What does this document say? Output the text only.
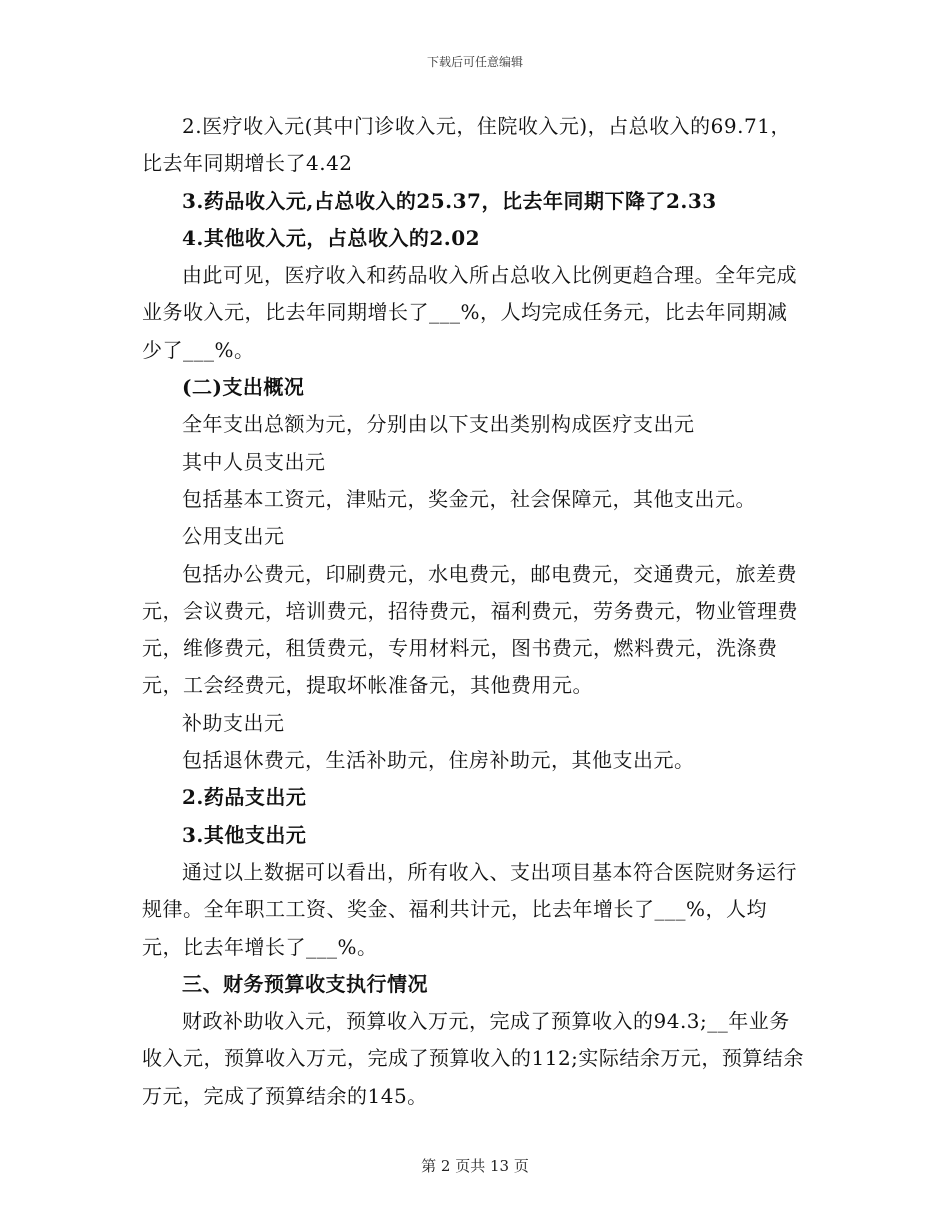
下载后可任意编辑

2.医疗收入元(其中门诊收入元，住院收入元)，占总收入的69.71，比去年同期增长了4.42

3.药品收入元,占总收入的25.37，比去年同期下降了2.33

4.其他收入元，占总收入的2.02

由此可见，医疗收入和药品收入所占总收入比例更趋合理。全年完成业务收入元，比去年同期增长了___%，人均完成任务元，比去年同期减少了___%。

(二)支出概况

全年支出总额为元，分别由以下支出类别构成医疗支出元

其中人员支出元

包括基本工资元，津贴元，奖金元，社会保障元，其他支出元。

公用支出元

包括办公费元，印刷费元，水电费元，邮电费元，交通费元，旅差费元，会议费元，培训费元，招待费元，福利费元，劳务费元，物业管理费元，维修费元，租赁费元，专用材料元，图书费元，燃料费元，洗涤费元，工会经费元，提取坏帐准备元，其他费用元。

补助支出元

包括退休费元，生活补助元，住房补助元，其他支出元。

2.药品支出元

3.其他支出元

通过以上数据可以看出，所有收入、支出项目基本符合医院财务运行规律。全年职工工资、奖金、福利共计元，比去年增长了___%，人均元，比去年增长了___%。

三、财务预算收支执行情况

财政补助收入元，预算收入万元，完成了预算收入的94.3;__年业务收入元，预算收入万元，完成了预算收入的112;实际结余万元，预算结余万元，完成了预算结余的145。

第 2 页共 13 页
